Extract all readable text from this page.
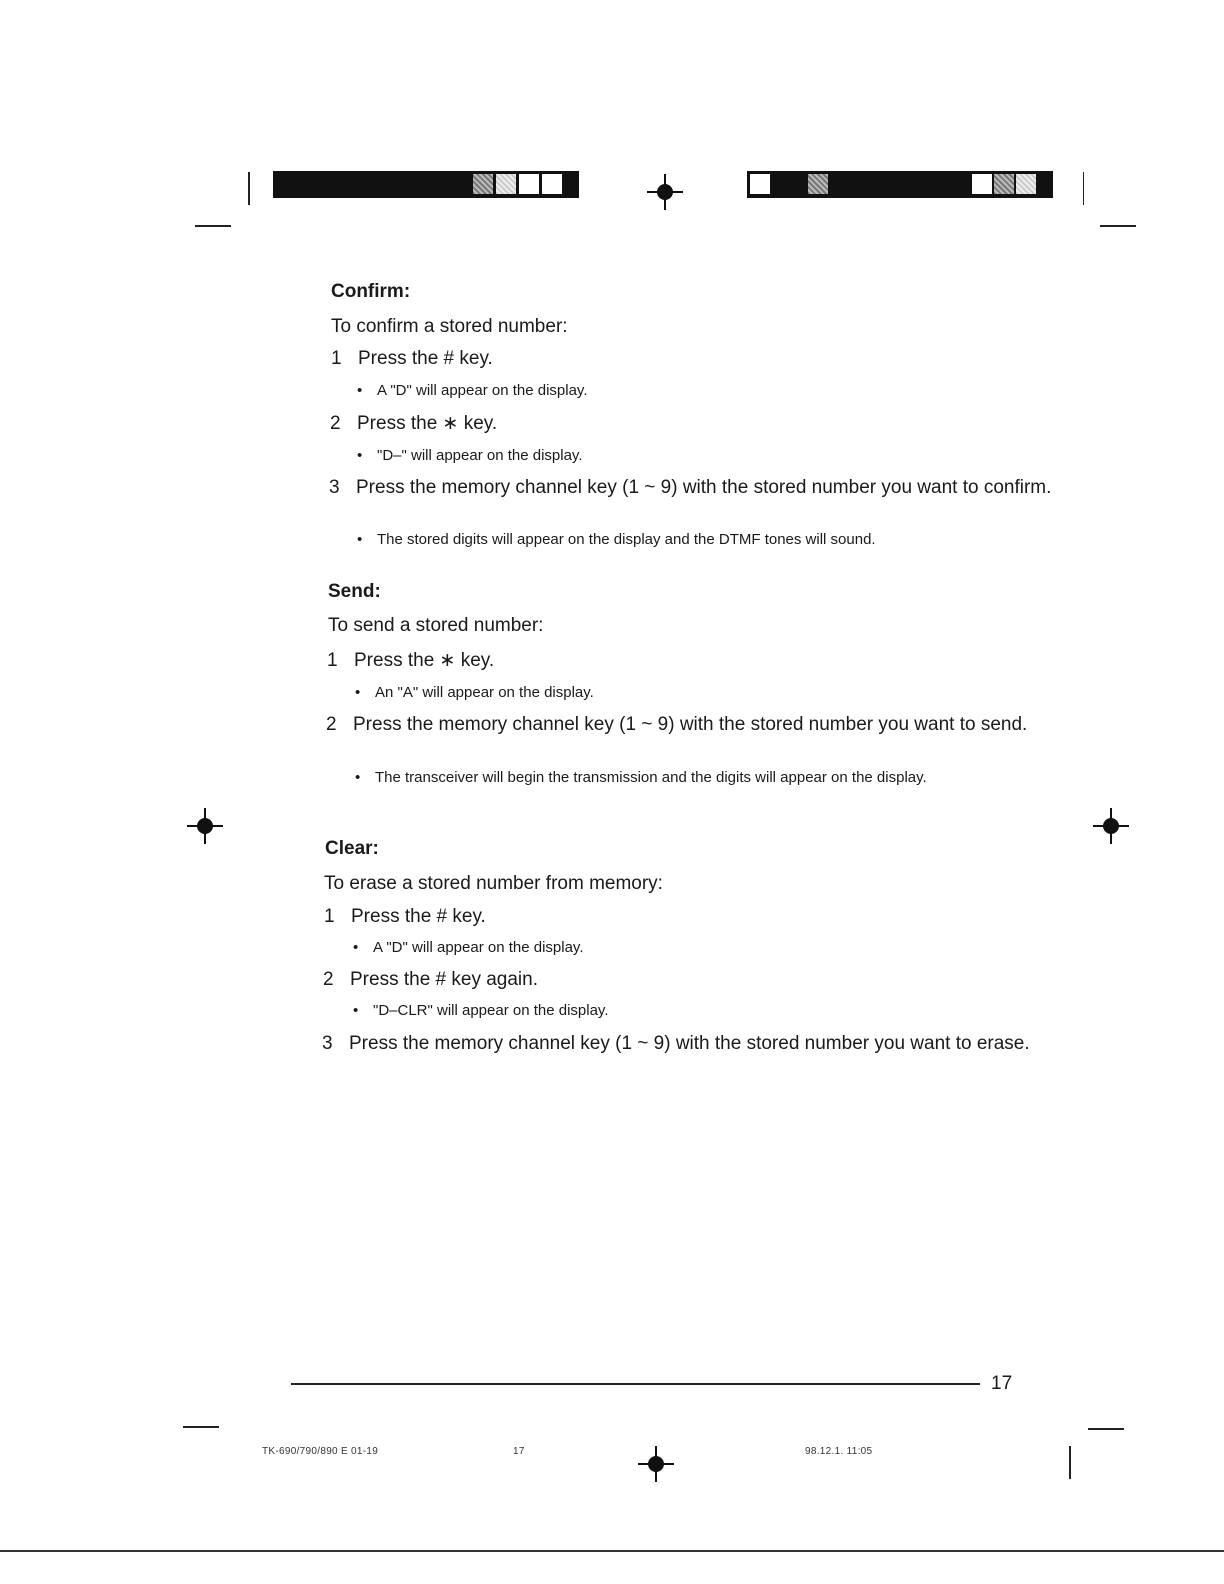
Confirm:
To confirm a stored number:
1 Press the # key.
• A "D" will appear on the display.
2 Press the ∗ key.
• "D–" will appear on the display.
3 Press the memory channel key (1 ~ 9) with the stored number you want to confirm.
• The stored digits will appear on the display and the DTMF tones will sound.
Send:
To send a stored number:
1 Press the ∗ key.
• An "A" will appear on the display.
2 Press the memory channel key (1 ~ 9) with the stored number you want to send.
• The transceiver will begin the transmission and the digits will appear on the display.
Clear:
To erase a stored number from memory:
1 Press the # key.
• A "D" will appear on the display.
2 Press the # key again.
• "D–CLR" will appear on the display.
3 Press the memory channel key (1 ~ 9) with the stored number you want to erase.
17
TK-690/790/890 E 01-19	17	98.12.1. 11:05
